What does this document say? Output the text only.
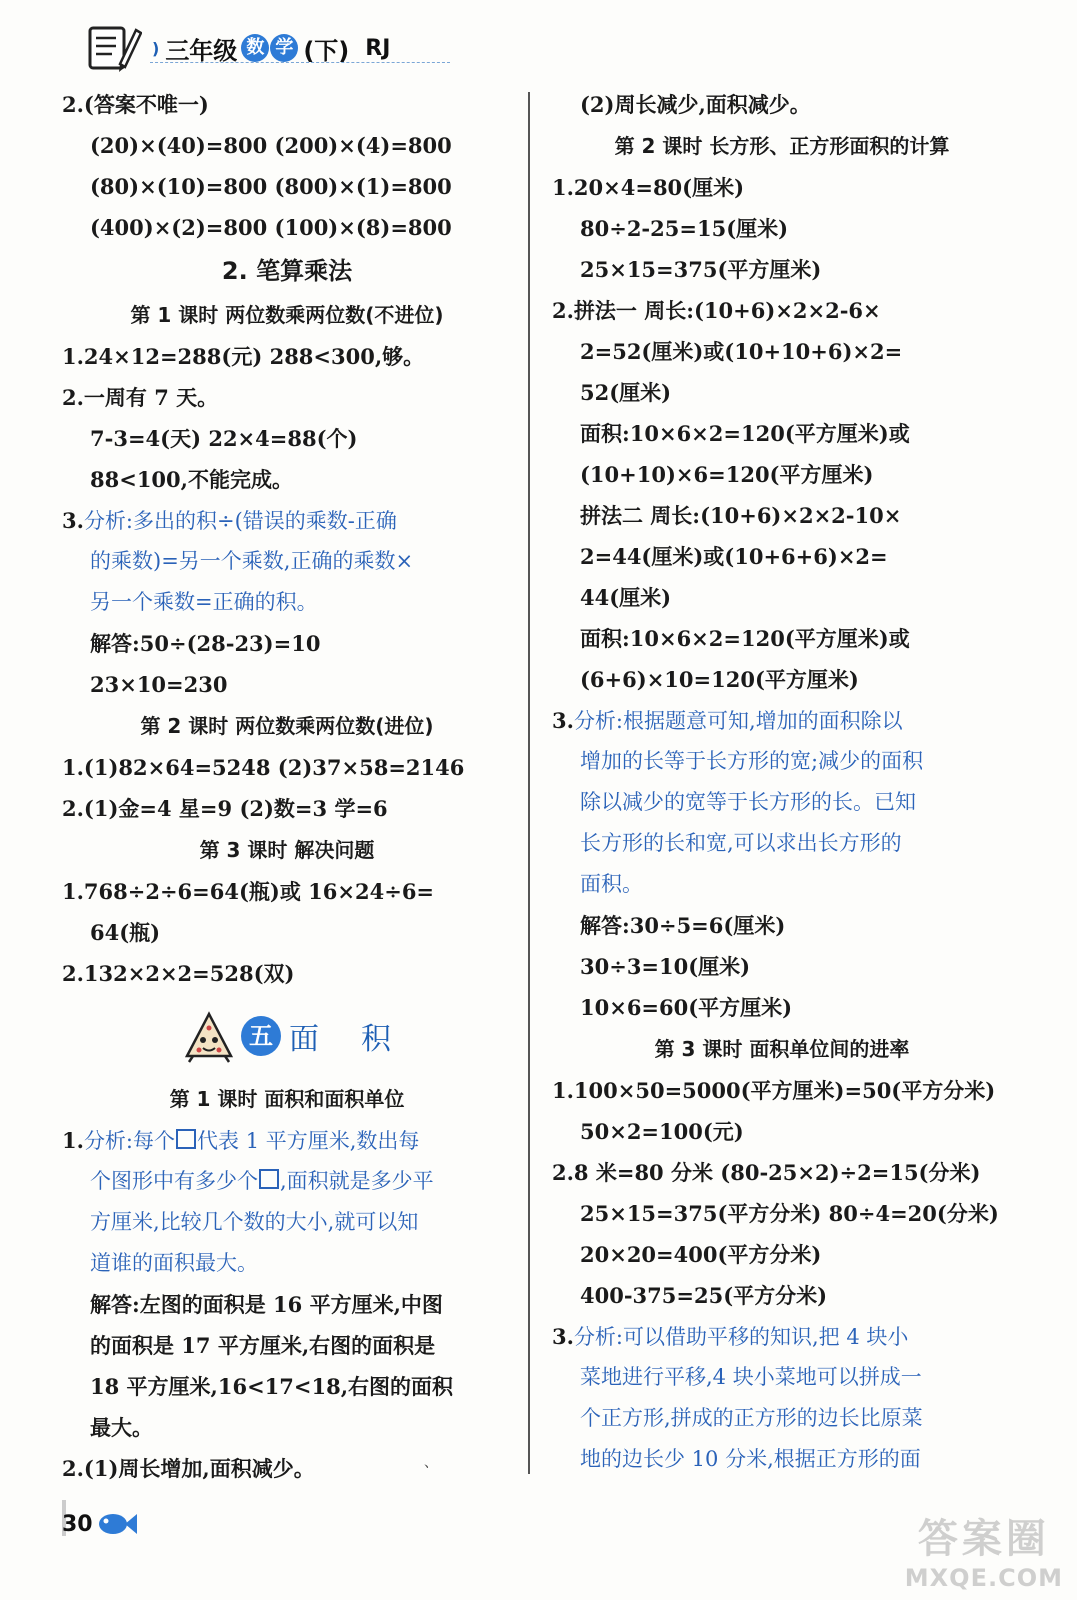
) 三年级 数 学 (下) RJ
2.(答案不唯一)
(20)×(40)=800 (200)×(4)=800
(80)×(10)=800 (800)×(1)=800
(400)×(2)=800 (100)×(8)=800
2. 笔算乘法
第 1 课时 两位数乘两位数(不进位)
1.24×12=288(元) 288<300,够。
2.一周有 7 天。
7-3=4(天) 22×4=88(个)
88<100,不能完成。
3.分析:多出的积÷(错误的乘数-正确
的乘数)=另一个乘数,正确的乘数×
另一个乘数=正确的积。
解答:50÷(28-23)=10
23×10=230
第 2 课时 两位数乘两位数(进位)
1.(1)82×64=5248 (2)37×58=2146
2.(1)金=4 星=9 (2)数=3 学=6
第 3 课时 解决问题
1.768÷2÷6=64(瓶)或 16×24÷6=
64(瓶)
2.132×2×2=528(双)
五 面 积
第 1 课时 面积和面积单位
1.分析:每个 代表 1 平方厘米,数出每
个图形中有多少个 ,面积就是多少平
方厘米,比较几个数的大小,就可以知
道谁的面积最大。
解答:左图的面积是 16 平方厘米,中图
的面积是 17 平方厘米,右图的面积是
18 平方厘米,16<17<18,右图的面积
最大。
2.(1)周长增加,面积减少。
(2)周长减少,面积减少。
第 2 课时 长方形、正方形面积的计算
1.20×4=80(厘米)
80÷2-25=15(厘米)
25×15=375(平方厘米)
2.拼法一 周长:(10+6)×2×2-6×
2=52(厘米)或(10+10+6)×2=
52(厘米)
面积:10×6×2=120(平方厘米)或
(10+10)×6=120(平方厘米)
拼法二 周长:(10+6)×2×2-10×
2=44(厘米)或(10+6+6)×2=
44(厘米)
面积:10×6×2=120(平方厘米)或
(6+6)×10=120(平方厘米)
3.分析:根据题意可知,增加的面积除以
增加的长等于长方形的宽;减少的面积
除以减少的宽等于长方形的长。已知
长方形的长和宽,可以求出长方形的
面积。
解答:30÷5=6(厘米)
30÷3=10(厘米)
10×6=60(平方厘米)
第 3 课时 面积单位间的进率
1.100×50=5000(平方厘米)=50(平方分米)
50×2=100(元)
2.8 米=80 分米 (80-25×2)÷2=15(分米)
25×15=375(平方分米) 80÷4=20(分米)
20×20=400(平方分米)
400-375=25(平方分米)
3.分析:可以借助平移的知识,把 4 块小
菜地进行平移,4 块小菜地可以拼成一
个正方形,拼成的正方形的边长比原菜
地的边长少 10 分米,根据正方形的面
、
30	答案圈
MXQE.COM
